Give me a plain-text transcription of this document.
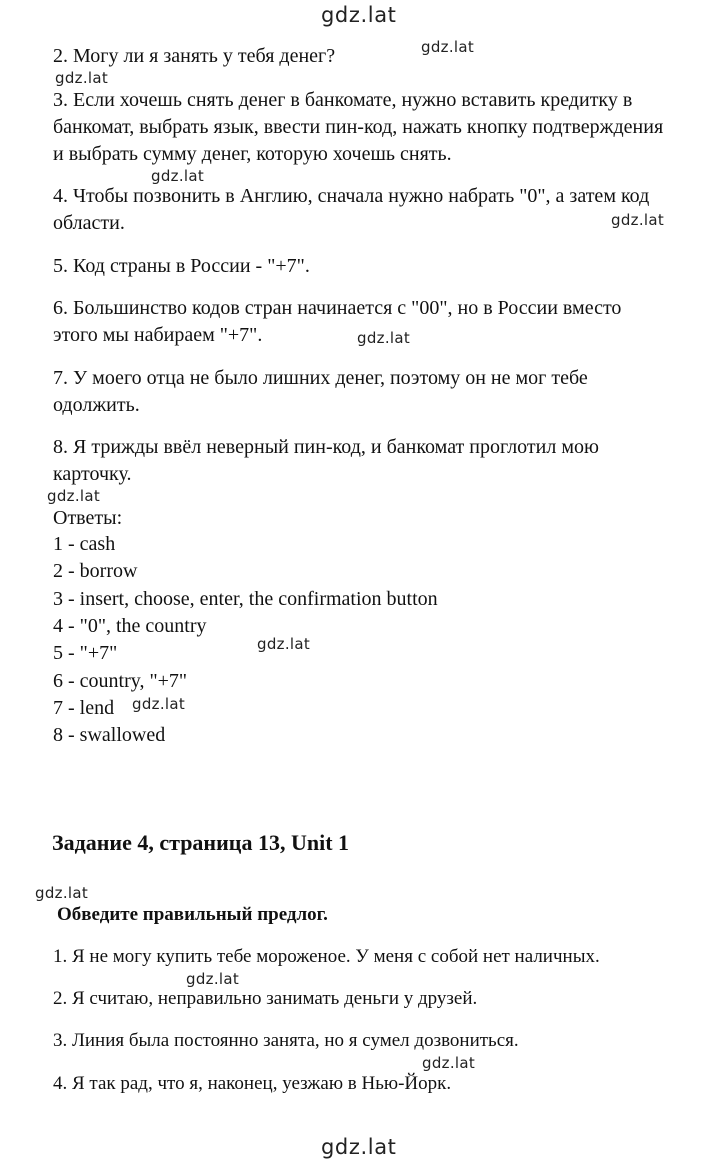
gdz.lat
gdz.lat
gdz.lat
gdz.lat
gdz.lat
gdz.lat
gdz.lat
gdz.lat
gdz.lat
gdz.lat
gdz.lat
gdz.lat
gdz.lat
2. Могу ли я занять у тебя денег?
3. Если хочешь снять денег в банкомате, нужно вставить кредитку в
банкомат, выбрать язык, ввести пин-код, нажать кнопку подтверждения
и выбрать сумму денег, которую хочешь снять.
4. Чтобы позвонить в Англию, сначала нужно набрать "0", а затем код
области.
5. Код страны в России - "+7".
6. Большинство кодов стран начинается с "00", но в России вместо
этого мы набираем "+7".
7. У моего отца не было лишних денег, поэтому он не мог тебе
одолжить.
8. Я трижды ввёл неверный пин-код, и банкомат проглотил мою
карточку.
Ответы:
1 - cash
2 - borrow
3 - insert, choose, enter, the confirmation button
4 - "0", the country
5 - "+7"
6 - country, "+7"
7 - lend
8 - swallowed
Задание 4, страница 13, Unit 1
Обведите правильный предлог.
1. Я не могу купить тебе мороженое. У меня с собой нет наличных.
2. Я считаю, неправильно занимать деньги у друзей.
3. Линия была постоянно занята, но я сумел дозвониться.
4. Я так рад, что я, наконец, уезжаю в Нью-Йорк.
